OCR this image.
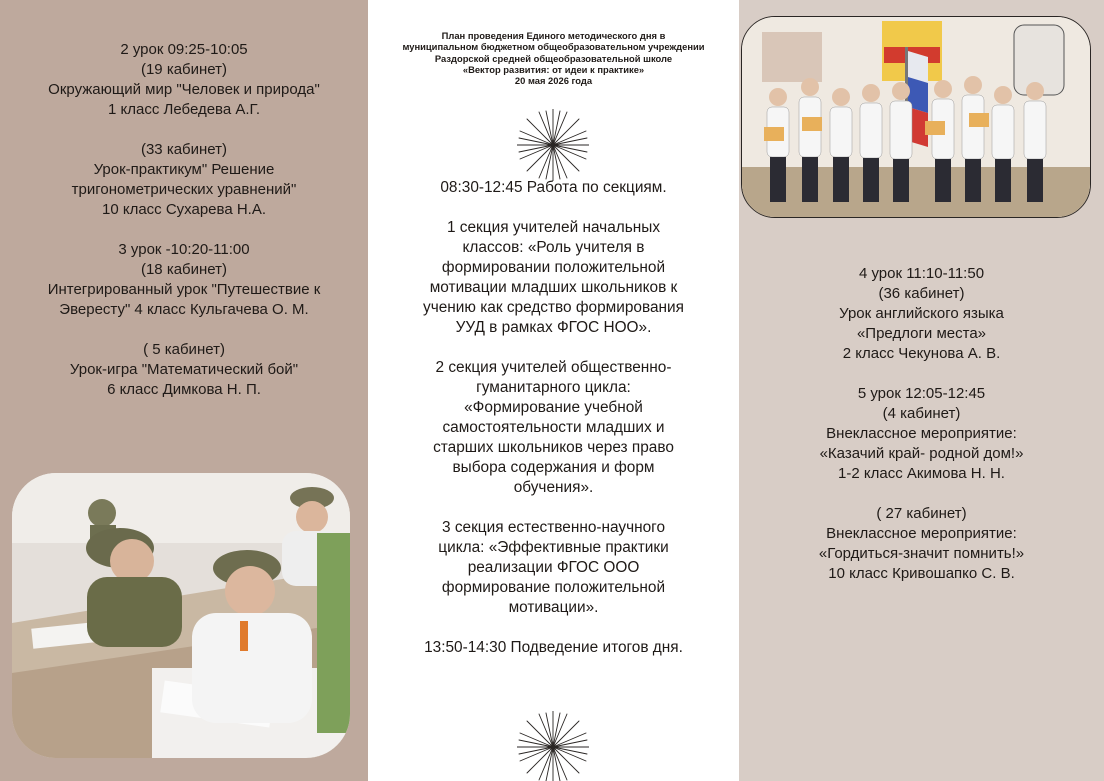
2 урок 09:25-10:05

(19 кабинет)

Окружающий мир "Человек и природа"

1 класс Лебедева А.Г.

(33 кабинет)

Урок-практикум" Решение

тригонометрических уравнений"

10 класс Сухарева Н.А.

3 урок -10:20-11:00

(18 кабинет)

Интегрированный урок "Путешествие к

Эвересту" 4 класс Кульгачева О. М.

( 5 кабинет)

Урок-игра "Математический бой"

6 класс Димкова Н. П.

План проведения Единого методического дня в

муниципальном бюджетном общеобразовательном учреждении

Раздорской средней общеобразовательной школе

«Вектор развития: от идеи к практике»

20 мая 2026 года

08:30-12:45 Работа по секциям.

1 секция учителей начальных

классов: «Роль учителя в

формировании положительной

мотивации младших школьников к

учению как средство формирования

УУД в рамках ФГОС НОО».

2 секция учителей общественно-

гуманитарного цикла:

«Формирование учебной

самостоятельности младших и

старших школьников через право

выбора содержания и форм

обучения».

3 секция естественно-научного

цикла: «Эффективные практики

реализации ФГОС ООО

формирование положительной

мотивации».

13:50-14:30 Подведение итогов дня.

4 урок 11:10-11:50

(36 кабинет)

Урок английского языка

«Предлоги места»

2 класс Чекунова А. В.

5 урок 12:05-12:45

(4 кабинет)

Внеклассное мероприятие:

«Казачий край- родной дом!»

1-2 класс Акимова Н. Н.

( 27 кабинет)

Внеклассное мероприятие:

«Гордиться-значит помнить!»

10 класс Кривошапко С. В.
